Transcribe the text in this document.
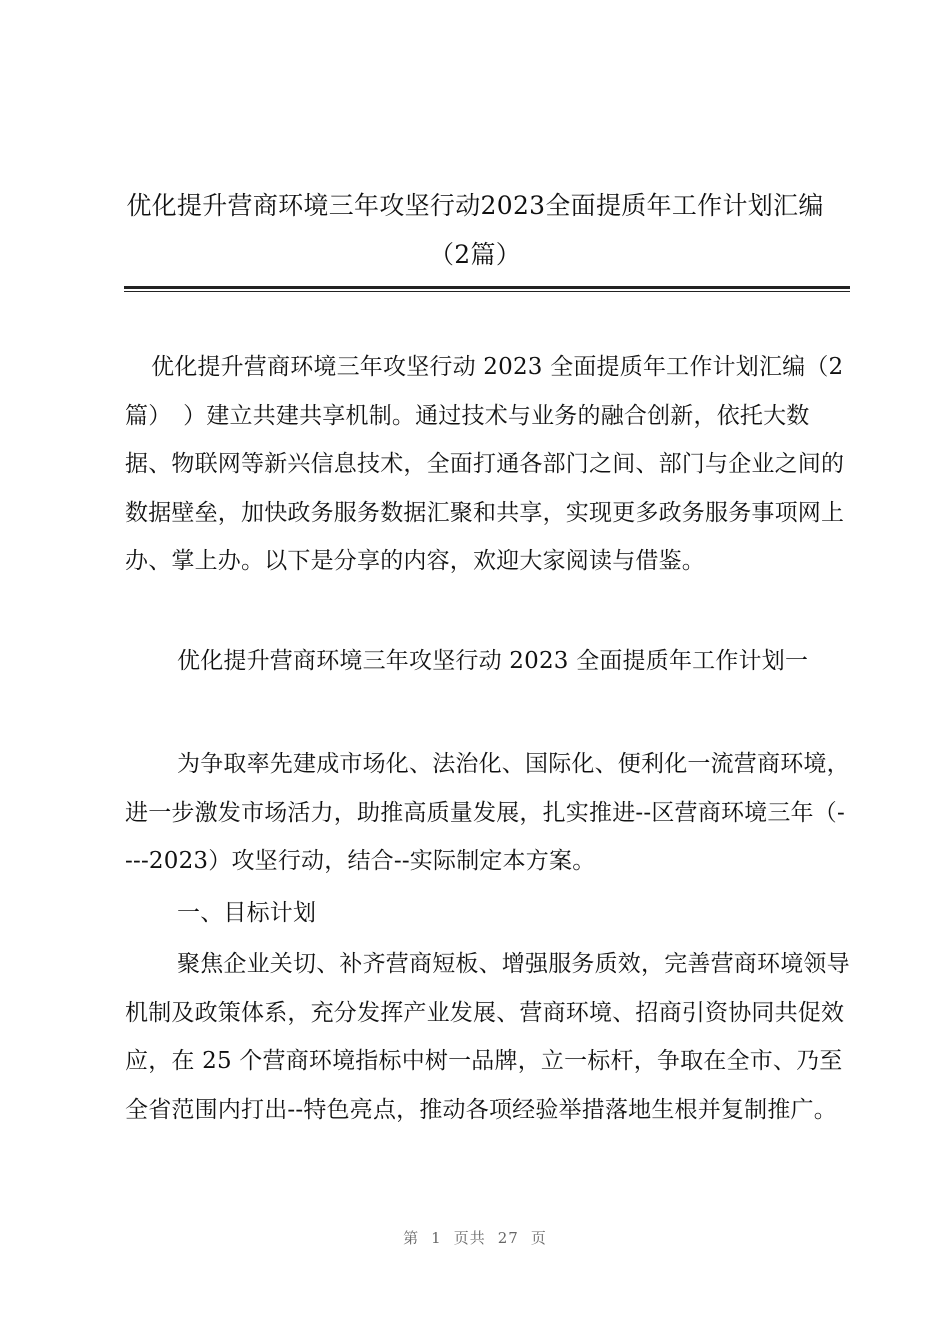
优化提升营商环境三年攻坚行动2023全面提质年工作计划汇编
（2篇）

优化提升营商环境三年攻坚行动 2023 全面提质年工作计划汇编（2 篇）　）建立共建共享机制。通过技术与业务的融合创新，依托大数据、物联网等新兴信息技术，全面打通各部门之间、部门与企业之间的数据壁垒，加快政务服务数据汇聚和共享，实现更多政务服务事项网上办、掌上办。以下是分享的内容，欢迎大家阅读与借鉴。

优化提升营商环境三年攻坚行动 2023 全面提质年工作计划一

为争取率先建成市场化、法治化、国际化、便利化一流营商环境，进一步激发市场活力，助推高质量发展，扎实推进--区营商环境三年（----2023）攻坚行动，结合--实际制定本方案。

一、目标计划

聚焦企业关切、补齐营商短板、增强服务质效，完善营商环境领导机制及政策体系，充分发挥产业发展、营商环境、招商引资协同共促效应，在 25 个营商环境指标中树一品牌，立一标杆，争取在全市、乃至全省范围内打出--特色亮点，推动各项经验举措落地生根并复制推广。

第 1 页共 27 页
